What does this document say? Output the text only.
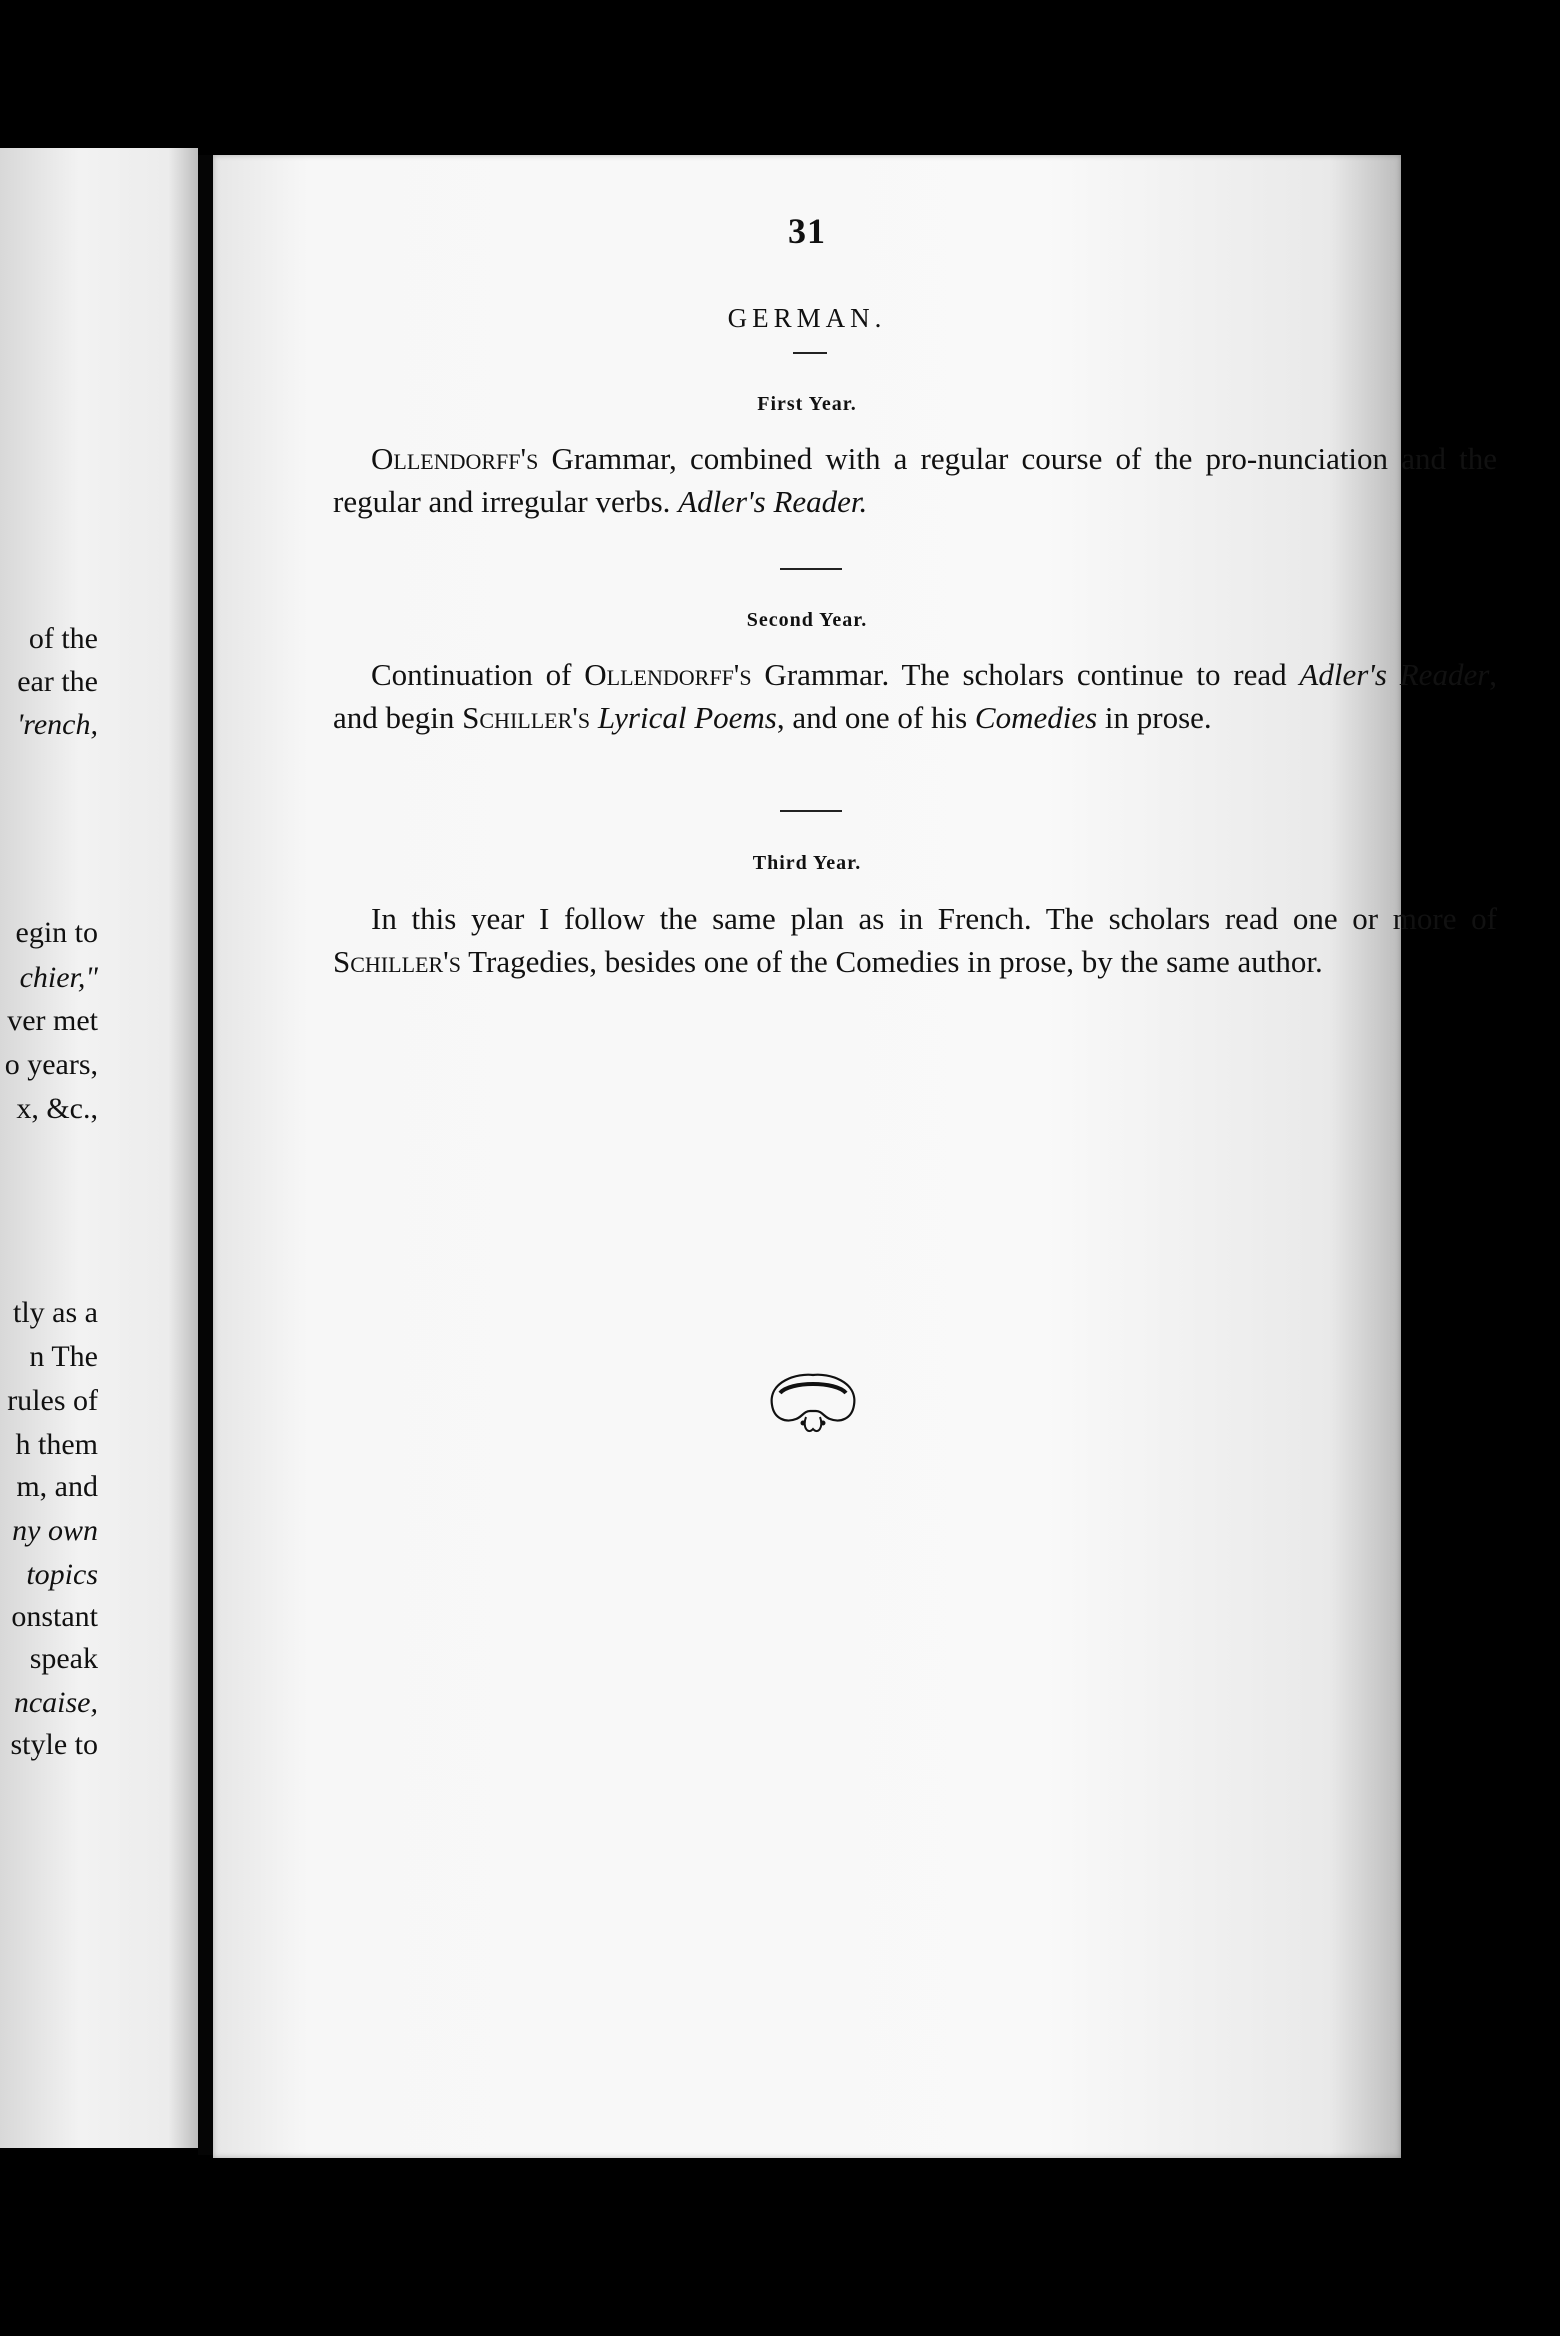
of the
ear the
'rench,
egin to
chier,"
ver met
o years,
x, &c.,
tly as a
n The
rules of
h them
m, and
ny own
topics
onstant
speak
ncaise,
style to
31
GERMAN.
First Year.

Ollendorff's Grammar, combined with a regular course of the pro-nunciation and the regular and irregular verbs. Adler's Reader.

Second Year.

Continuation of Ollendorff's Grammar. The scholars continue to read Adler's Reader, and begin Schiller's Lyrical Poems, and one of his Comedies in prose.

Third Year.

In this year I follow the same plan as in French. The scholars read one or more of Schiller's Tragedies, besides one of the Comedies in prose, by the same author.
